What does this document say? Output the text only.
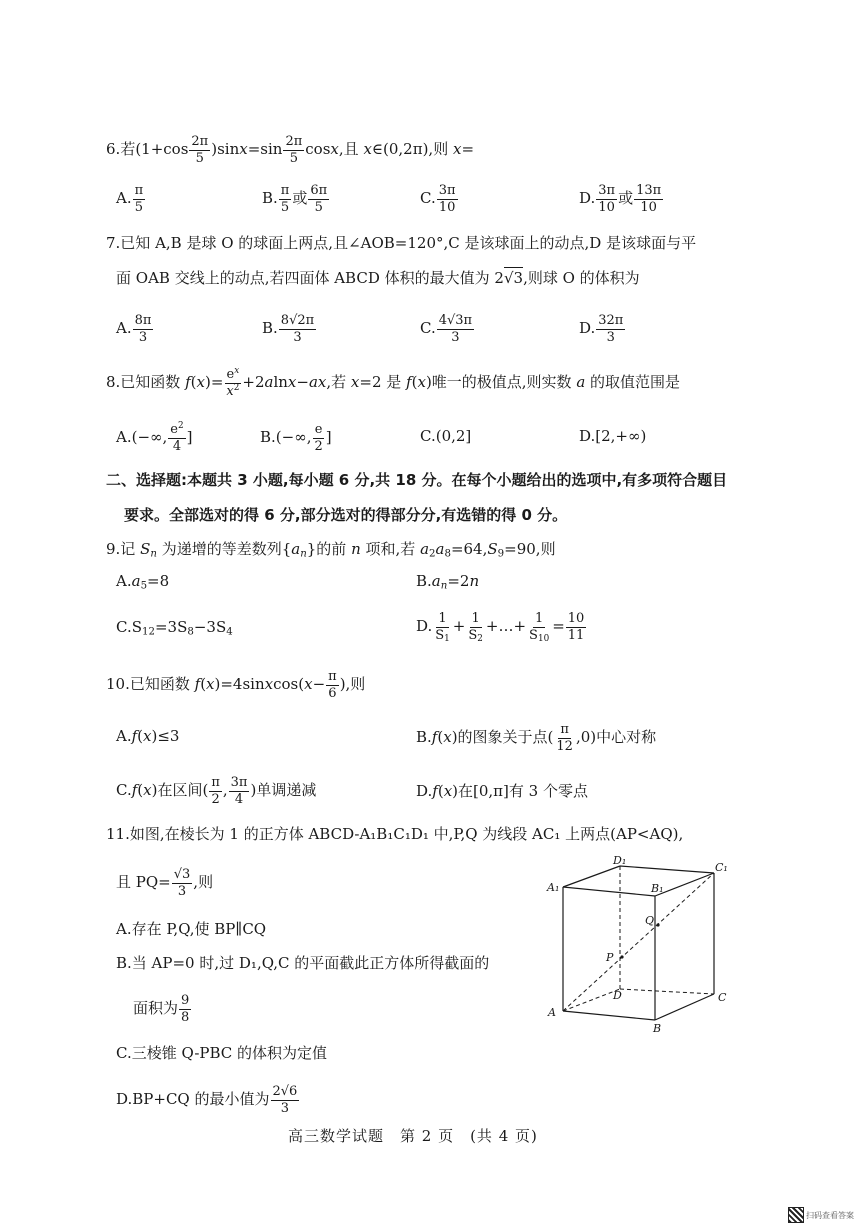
6.若$(1+\cos \frac{2\pi}{5} )\sin x=\sin \frac{2\pi}{5} \cos x$,且 x∈(0,2π),则 x=
A. $\frac{\pi}{5}$	B. $\frac{\pi}{5}$ 或 $\frac{6\pi}{5}$	C. $\frac{3\pi}{10}$	D. $\frac{3\pi}{10}$ 或 $\frac{13\pi}{10}$
7.已知 A,B 是球 O 的球面上两点,且∠AOB=120°,C 是该球面上的动点,D 是该球面与平
面 OAB 交线上的动点,若四面体 ABCD 体积的最大值为 2√3,则球 O 的体积为
A. $\frac{8\pi}{3}$	B. $\frac{8√2\pi}{3}$	C. $\frac{4√3\pi}{3}$	D. $\frac{32\pi}{3}$
8.已知函数 $f(x)= \frac{e^x}{x^2} +2alnx-ax$,若 x=2 是 f(x)唯一的极值点,则实数 a 的取值范围是
A.(−∞, $\frac{e^2}{4}$ ]	B.(−∞, $\frac{e}{2}$ ]	C.(0,2]	D.[2,+∞)
二、选择题:本题共 3 小题,每小题 6 分,共 18 分。在每个小题给出的选项中,有多项符合题目
要求。全部选对的得 6 分,部分选对的得部分分,有选错的得 0 分。
9.记 $S_n$ 为递增的等差数列$\{a_n\}$的前 n 项和,若 $a_2a_8=64,S_9=90$,则
$A.a_5=8$	$B.a_n=2n$
$C.S_{12}=3S_8-3S_4$	D. $\frac{1}{S_1} + \frac{1}{S_2}$ +…+ $\frac{1}{S_{10}} = \frac{10}{11}$
10.已知函数 f(x)=4sinxcos(x− $\frac{\pi}{6}$ ),则
A.f(x)≤3	B.f(x)的图象关于点( $\frac{\pi}{12} ,0$)中心对称
C.f(x)在区间( $\frac{\pi}{2}$ , $\frac{3\pi}{4}$ )单调递减	D.f(x)在[0,π]有 3 个零点
11.如图,在棱长为 1 的正方体 ABCD-A₁B₁C₁D₁ 中,P,Q 为线段 AC₁ 上两点(AP<AQ),
且 $PQ= \frac{√3}{3}$ ,则
A.存在 P,Q,使 BP∥CQ
B.当 AP=0 时,过 D₁,Q,C 的平面截此正方体所得截面的
面积为 $\frac{9}{8}$
C.三棱锥 Q-PBC 的体积为定值
D.BP+CQ 的最小值为 $\frac{2√6}{3}$
A
B
C
D
A₁	B₁
C₁
D₁
P
Q
高三数学试题　第 2 页　(共 4 页)
扫码查看答案
